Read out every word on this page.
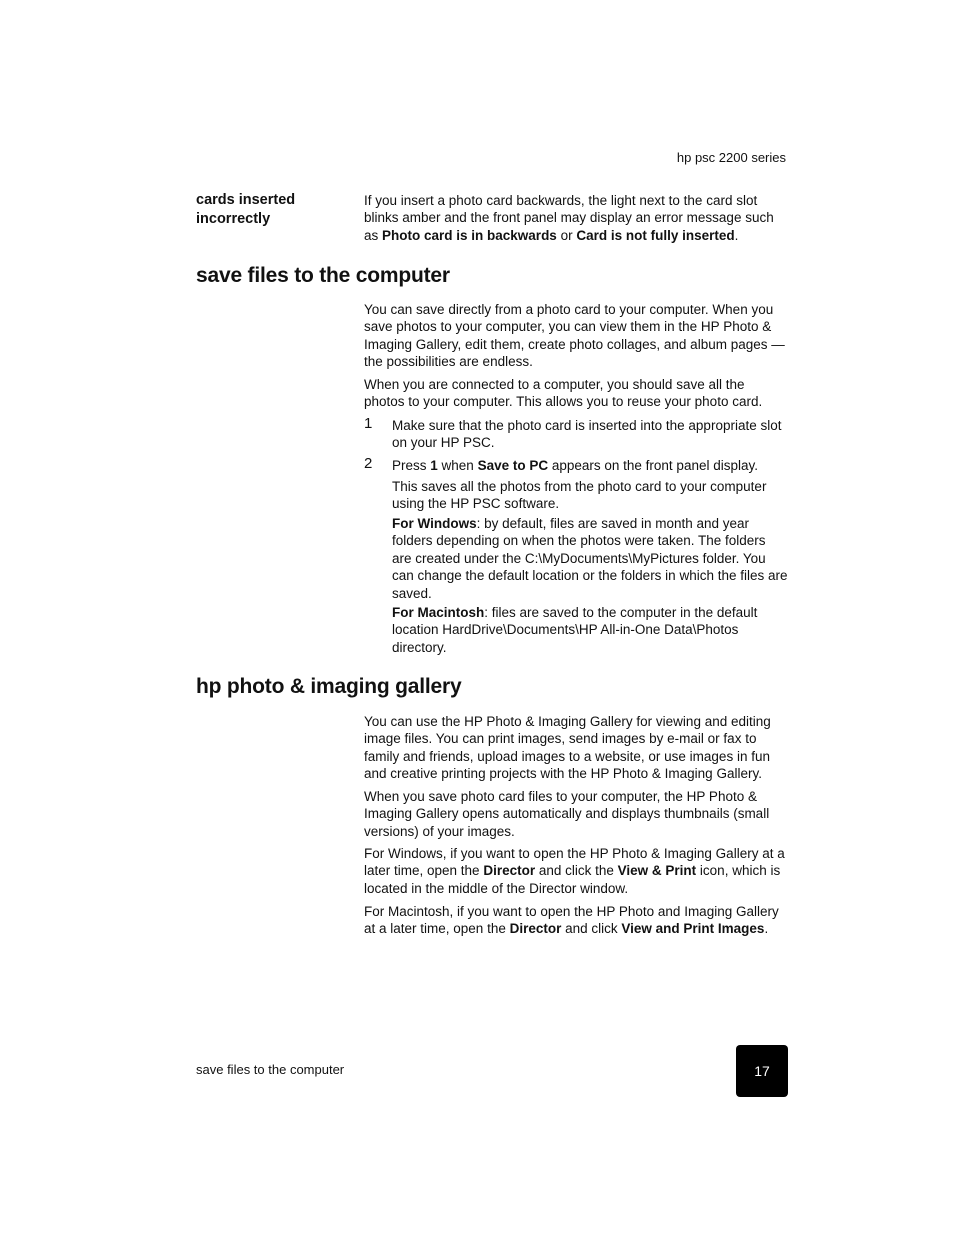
hp psc 2200 series
cards inserted incorrectly

If you insert a photo card backwards, the light next to the card slot blinks amber and the front panel may display an error message such as Photo card is in backwards or Card is not fully inserted.

save files to the computer

You can save directly from a photo card to your computer. When you save photos to your computer, you can view them in the HP Photo & Imaging Gallery, edit them, create photo collages, and album pages — the possibilities are endless.

When you are connected to a computer, you should save all the photos to your computer. This allows you to reuse your photo card.

1 Make sure that the photo card is inserted into the appropriate slot on your HP PSC.

2 Press 1 when Save to PC appears on the front panel display.

This saves all the photos from the photo card to your computer using the HP PSC software.

For Windows: by default, files are saved in month and year folders depending on when the photos were taken. The folders are created under the C:\MyDocuments\MyPictures folder. You can change the default location or the folders in which the files are saved.

For Macintosh: files are saved to the computer in the default location HardDrive\Documents\HP All-in-One Data\Photos directory.

hp photo & imaging gallery

You can use the HP Photo & Imaging Gallery for viewing and editing image files. You can print images, send images by e-mail or fax to family and friends, upload images to a website, or use images in fun and creative printing projects with the HP Photo & Imaging Gallery.

When you save photo card files to your computer, the HP Photo & Imaging Gallery opens automatically and displays thumbnails (small versions) of your images.

For Windows, if you want to open the HP Photo & Imaging Gallery at a later time, open the Director and click the View & Print icon, which is located in the middle of the Director window.

For Macintosh, if you want to open the HP Photo and Imaging Gallery at a later time, open the Director and click View and Print Images.

save files to the computer	17
